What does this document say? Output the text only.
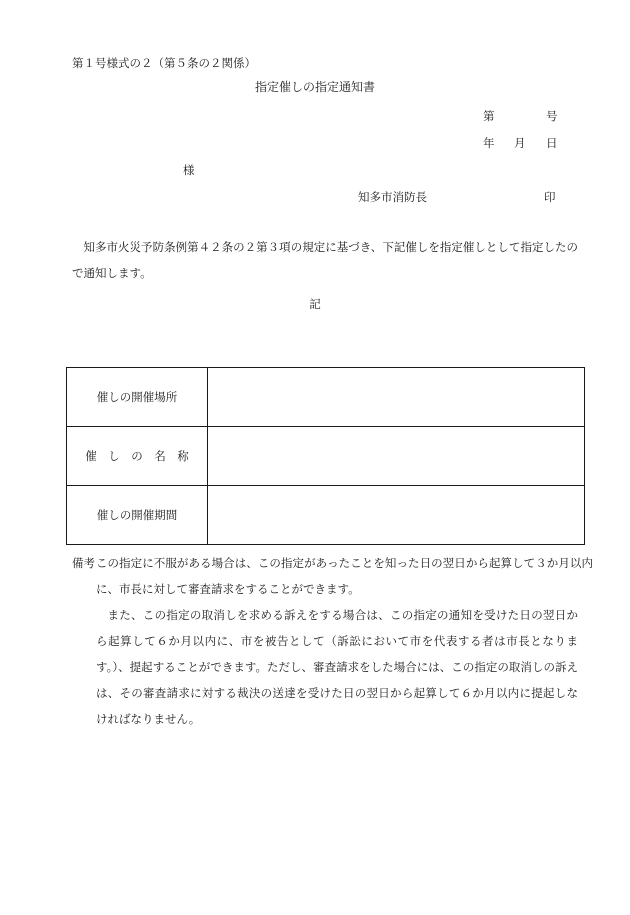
第１号様式の２（第５条の２関係）
指定催しの指定通知書
第	号
年 月 日
様
知多市消防長	印

知多市火災予防条例第４２条の２第３項の規定に基づき、下記催しを指定催しとして指定したので通知します。

記
催しの開催場所	
催　し　の　名　称	
催しの開催期間	
備考 この指定に不服がある場合は、この指定があったことを知った日の翌日から起算して３か月以内に、市長に対して審査請求をすることができます。

また、この指定の取消しを求める訴えをする場合は、この指定の通知を受けた日の翌日から起算して６か月以内に、市を被告として（訴訟において市を代表する者は市長となります。）、提起することができます。ただし、審査請求をした場合には、この指定の取消しの訴えは、その審査請求に対する裁決の送達を受けた日の翌日から起算して６か月以内に提起しなければなりません。
